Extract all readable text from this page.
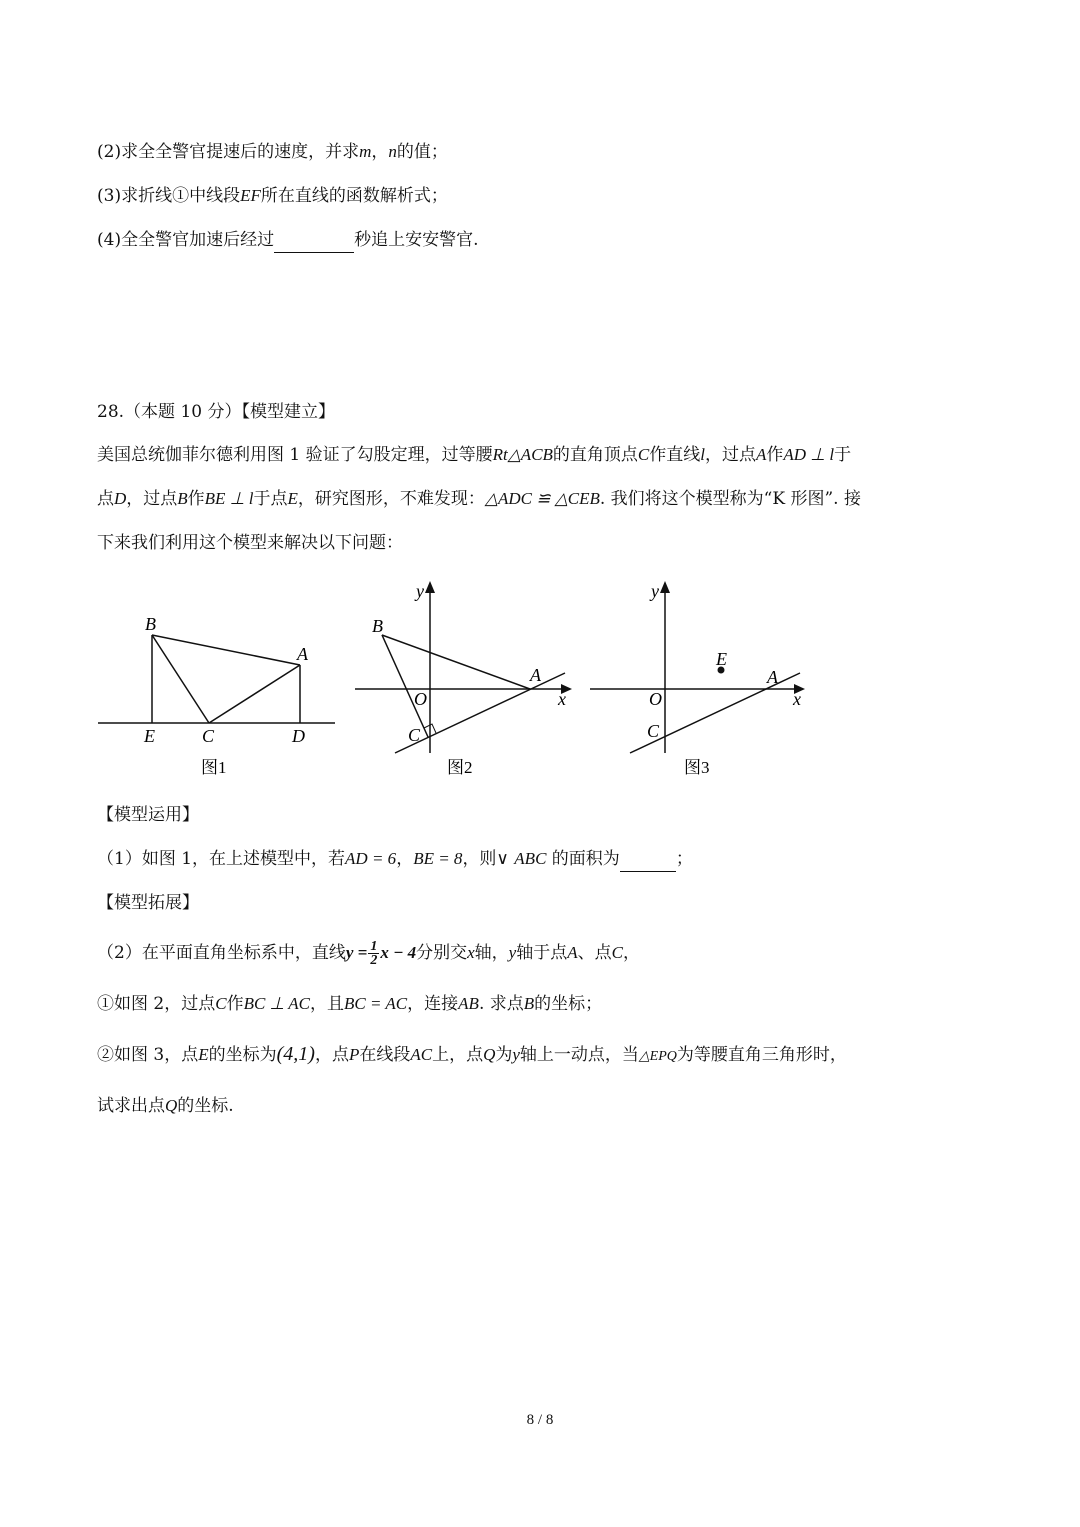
(2)求全全警官提速后的速度，并求m，n的值；
(3)求折线①中线段EF所在直线的函数解析式；
(4)全全警官加速后经过	秒追上安安警官.
28.（本题 10 分）【模型建立】
美国总统伽菲尔德利用图 1 验证了勾股定理，过等腰Rt△ACB的直角顶点C作直线l，过点A作AD ⊥ l于
点D，过点B作BE ⊥ l于点E，研究图形，不难发现：△ADC ≌ △CEB. 我们将这个模型称为“K 形图”. 接
下来我们利用这个模型来解决以下问题：
B
A
E	C	D
图1
y
x
B
A
O
C
图2
y
x
E
A
O
C
图3
【模型运用】
（1）如图 1，在上述模型中，若AD = 6，BE = 8，则∨ ABC 的面积为	；
【模型拓展】
（2）在平面直角坐标系中，直线$y = \frac{1}{2}$ x − 4分别交x轴，y轴于点A、点C，
①如图 2，过点C作BC ⊥ AC，且BC = AC，连接AB. 求点B的坐标；
②如图 3，点E的坐标为(4,1)，点P在线段AC上，点Q为y轴上一动点，当△EPQ为等腰直角三角形时，
试求出点Q的坐标.
8 / 8
